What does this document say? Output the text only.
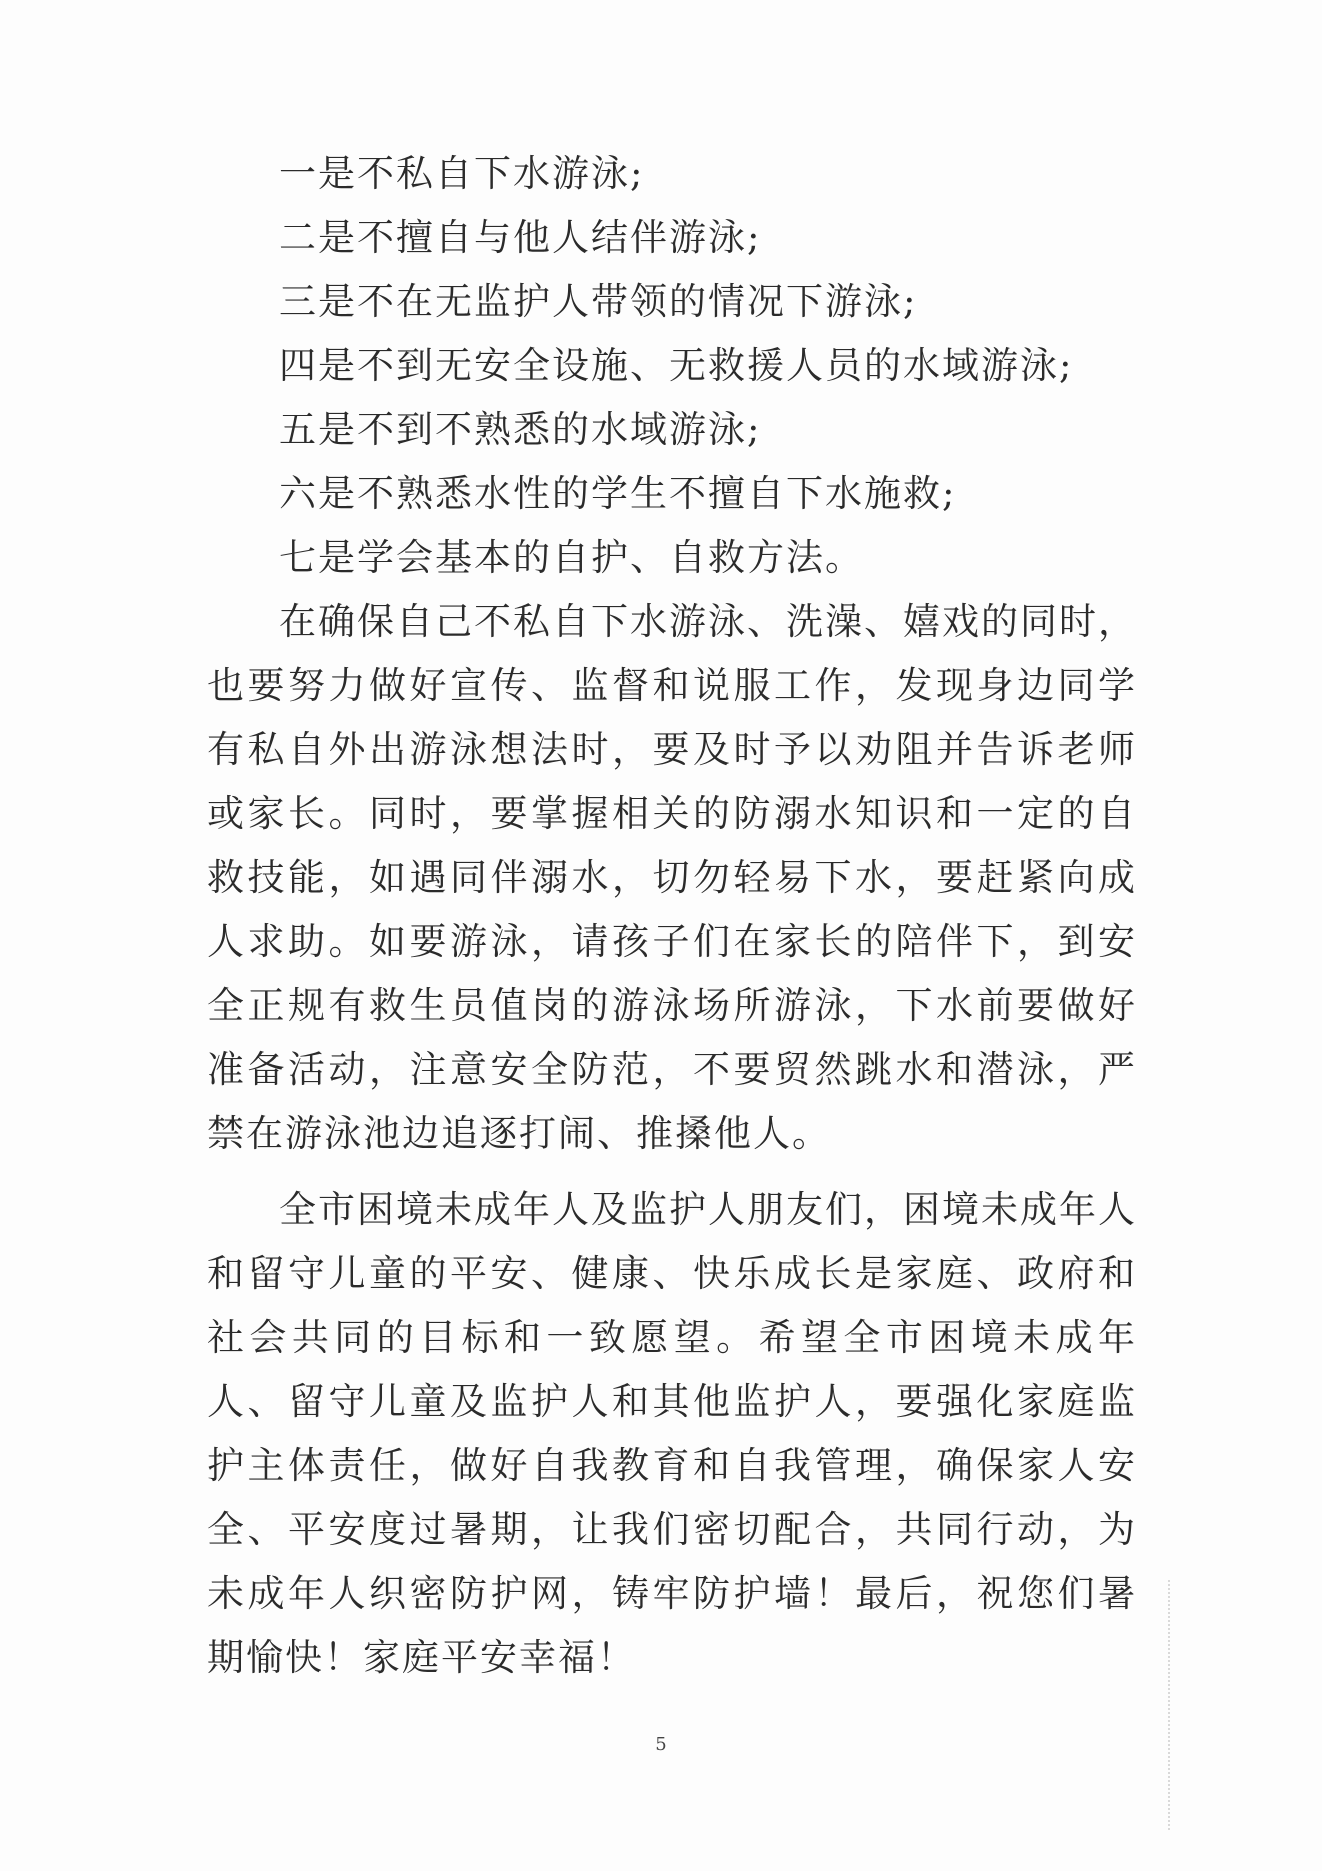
一是不私自下水游泳;

二是不擅自与他人结伴游泳;

三是不在无监护人带领的情况下游泳;

四是不到无安全设施、无救援人员的水域游泳;

五是不到不熟悉的水域游泳;

六是不熟悉水性的学生不擅自下水施救;

七是学会基本的自护、自救方法。

在确保自己不私自下水游泳、洗澡、嬉戏的同时，也要努力做好宣传、监督和说服工作，发现身边同学有私自外出游泳想法时，要及时予以劝阻并告诉老师或家长。同时，要掌握相关的防溺水知识和一定的自救技能，如遇同伴溺水，切勿轻易下水，要赶紧向成人求助。如要游泳，请孩子们在家长的陪伴下，到安全正规有救生员值岗的游泳场所游泳，下水前要做好准备活动，注意安全防范，不要贸然跳水和潜泳，严禁在游泳池边追逐打闹、推搡他人。

全市困境未成年人及监护人朋友们，困境未成年人和留守儿童的平安、健康、快乐成长是家庭、政府和社会共同的目标和一致愿望。希望全市困境未成年人、留守儿童及监护人和其他监护人，要强化家庭监护主体责任，做好自我教育和自我管理，确保家人安全、平安度过暑期，让我们密切配合，共同行动，为未成年人织密防护网，铸牢防护墙！最后，祝您们暑期愉快！家庭平安幸福！

5
